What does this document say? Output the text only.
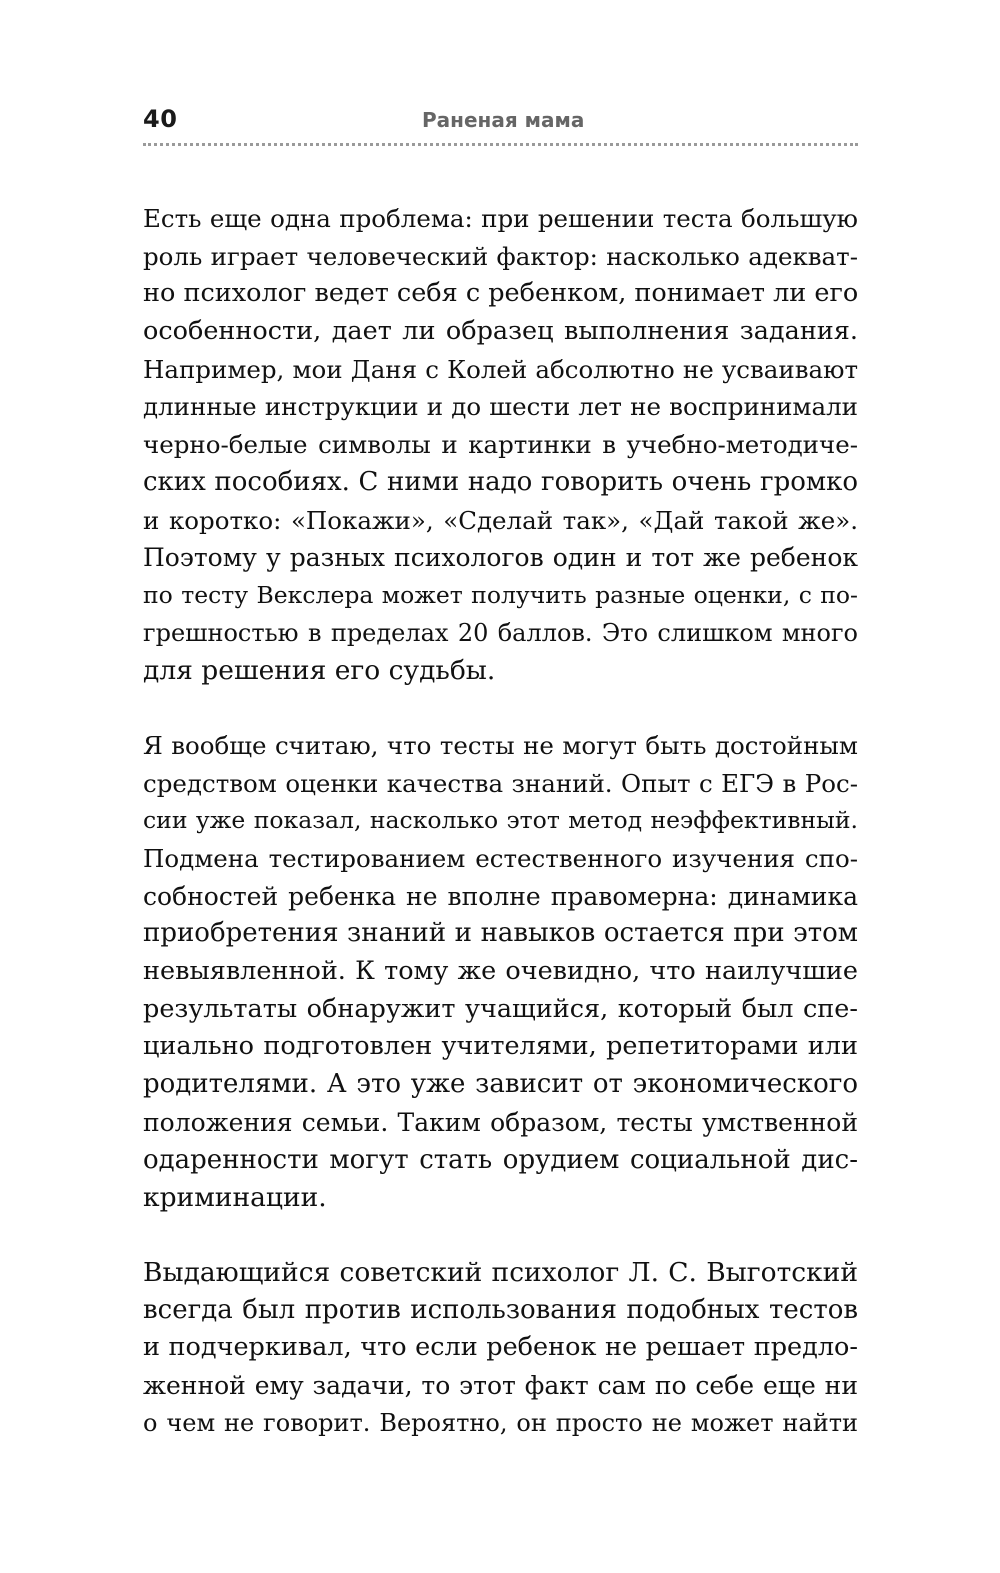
40	Раненая мама

Есть еще одна проблема: при решении теста большую
роль играет человеческий фактор: насколько адекват-
но психолог ведет себя с ребенком, понимает ли его
особенности, дает ли образец выполнения задания.
Например, мои Даня с Колей абсолютно не усваивают
длинные инструкции и до шести лет не воспринимали
черно-белые символы и картинки в учебно-методиче-
ских пособиях. С ними надо говорить очень громко
и коротко: «Покажи», «Сделай так», «Дай такой же».
Поэтому у разных психологов один и тот же ребенок
по тесту Векслера может получить разные оценки, с по-
грешностью в пределах 20 баллов. Это слишком много
для решения его судьбы.

Я вообще считаю, что тесты не могут быть достойным
средством оценки качества знаний. Опыт с ЕГЭ в Рос-
сии уже показал, насколько этот метод неэффективный.
Подмена тестированием естественного изучения спо-
собностей ребенка не вполне правомерна: динамика
приобретения знаний и навыков остается при этом
невыявленной. К тому же очевидно, что наилучшие
результаты обнаружит учащийся, который был спе-
циально подготовлен учителями, репетиторами или
родителями. А это уже зависит от экономического
положения семьи. Таким образом, тесты умственной
одаренности могут стать орудием социальной дис-
криминации.

Выдающийся советский психолог Л. С. Выготский
всегда был против использования подобных тестов
и подчеркивал, что если ребенок не решает предло-
женной ему задачи, то этот факт сам по себе еще ни
о чем не говорит. Вероятно, он просто не может найти
